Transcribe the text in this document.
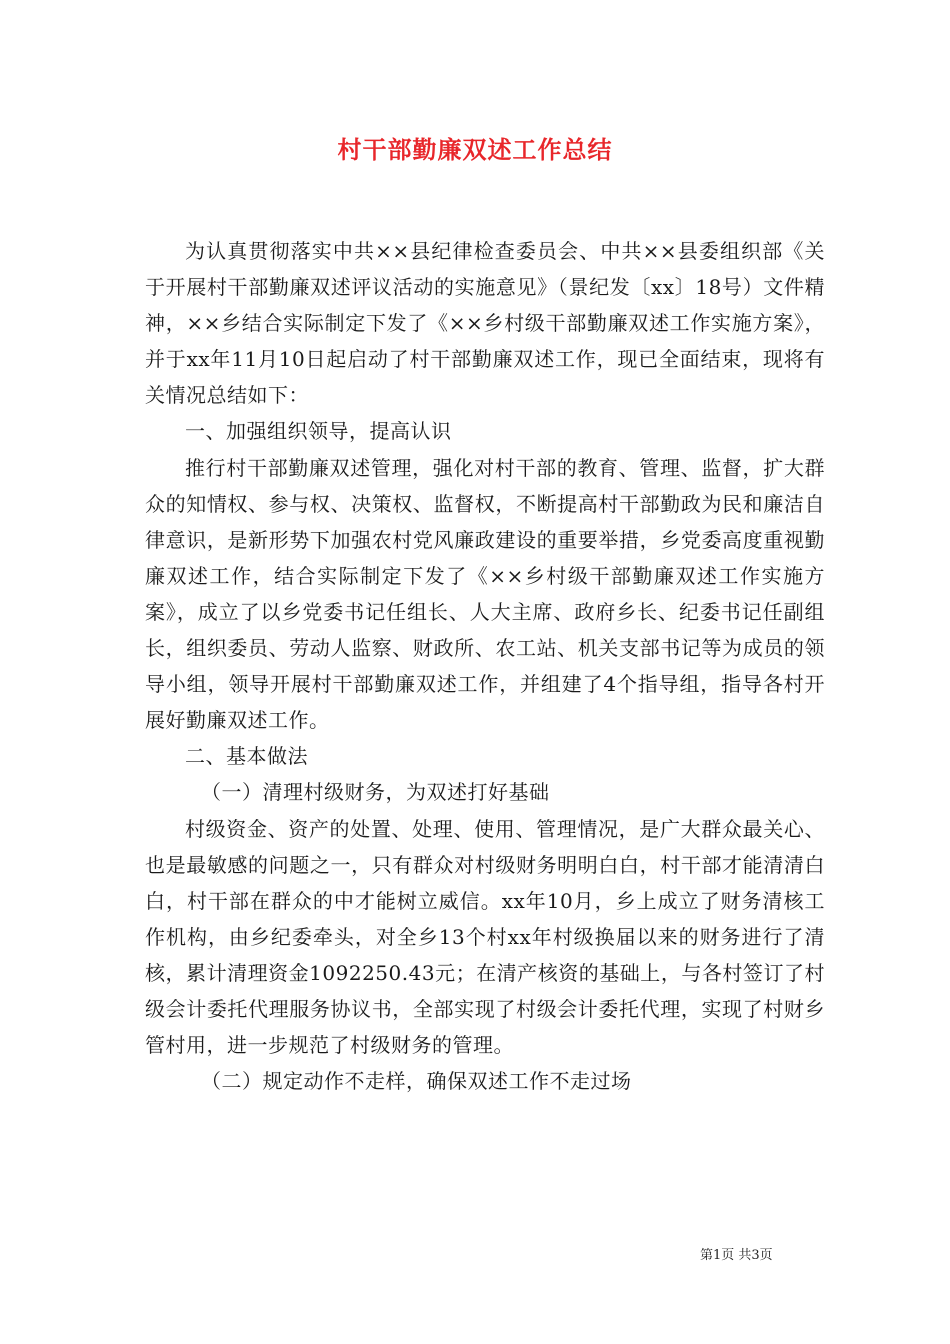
村干部勤廉双述工作总结

为认真贯彻落实中共××县纪律检查委员会、中共××县委组织部《关于开展村干部勤廉双述评议活动的实施意见》（景纪发〔xx〕18号）文件精神，××乡结合实际制定下发了《××乡村级干部勤廉双述工作实施方案》，并于xx年11月10日起启动了村干部勤廉双述工作，现已全面结束，现将有关情况总结如下：

一、加强组织领导，提高认识

推行村干部勤廉双述管理，强化对村干部的教育、管理、监督，扩大群众的知情权、参与权、决策权、监督权，不断提高村干部勤政为民和廉洁自律意识，是新形势下加强农村党风廉政建设的重要举措，乡党委高度重视勤廉双述工作，结合实际制定下发了《××乡村级干部勤廉双述工作实施方案》，成立了以乡党委书记任组长、人大主席、政府乡长、纪委书记任副组长，组织委员、劳动人监察、财政所、农工站、机关支部书记等为成员的领导小组，领导开展村干部勤廉双述工作，并组建了4个指导组，指导各村开展好勤廉双述工作。

二、基本做法

（一）清理村级财务，为双述打好基础

村级资金、资产的处置、处理、使用、管理情况，是广大群众最关心、也是最敏感的问题之一，只有群众对村级财务明明白白，村干部才能清清白白，村干部在群众的中才能树立威信。xx年10月，乡上成立了财务清核工作机构，由乡纪委牵头，对全乡13个村xx年村级换届以来的财务进行了清核，累计清理资金1092250.43元；在清产核资的基础上，与各村签订了村级会计委托代理服务协议书，全部实现了村级会计委托代理，实现了村财乡管村用，进一步规范了村级财务的管理。

（二）规定动作不走样，确保双述工作不走过场

第1页 共3页
